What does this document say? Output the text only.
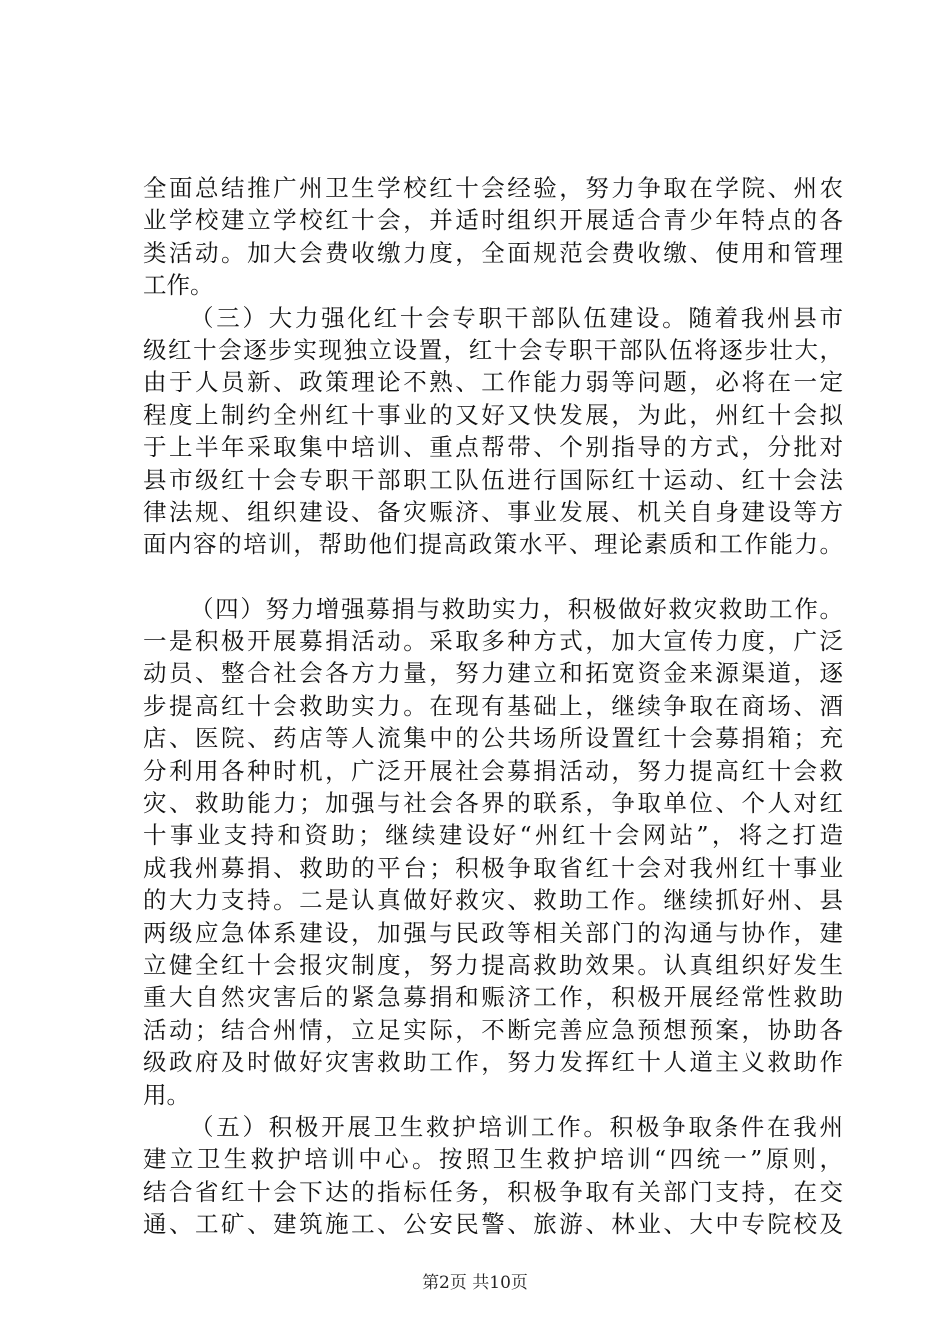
全面总结推广州卫生学校红十会经验，努力争取在学院、州农
业学校建立学校红十会，并适时组织开展适合青少年特点的各
类活动。加大会费收缴力度，全面规范会费收缴、使用和管理
工作。
（三）大力强化红十会专职干部队伍建设。随着我州县市
级红十会逐步实现独立设置，红十会专职干部队伍将逐步壮大，
由于人员新、政策理论不熟、工作能力弱等问题，必将在一定
程度上制约全州红十事业的又好又快发展，为此，州红十会拟
于上半年采取集中培训、重点帮带、个别指导的方式，分批对
县市级红十会专职干部职工队伍进行国际红十运动、红十会法
律法规、组织建设、备灾赈济、事业发展、机关自身建设等方
面内容的培训，帮助他们提高政策水平、理论素质和工作能力。
（四）努力增强募捐与救助实力，积极做好救灾救助工作。
一是积极开展募捐活动。采取多种方式，加大宣传力度，广泛
动员、整合社会各方力量，努力建立和拓宽资金来源渠道，逐
步提高红十会救助实力。在现有基础上，继续争取在商场、酒
店、医院、药店等人流集中的公共场所设置红十会募捐箱；充
分利用各种时机，广泛开展社会募捐活动，努力提高红十会救
灾、救助能力；加强与社会各界的联系，争取单位、个人对红
十事业支持和资助；继续建设好“州红十会网站”，将之打造
成我州募捐、救助的平台；积极争取省红十会对我州红十事业
的大力支持。二是认真做好救灾、救助工作。继续抓好州、县
两级应急体系建设，加强与民政等相关部门的沟通与协作，建
立健全红十会报灾制度，努力提高救助效果。认真组织好发生
重大自然灾害后的紧急募捐和赈济工作，积极开展经常性救助
活动；结合州情，立足实际，不断完善应急预想预案，协助各
级政府及时做好灾害救助工作，努力发挥红十人道主义救助作
用。
（五）积极开展卫生救护培训工作。积极争取条件在我州
建立卫生救护培训中心。按照卫生救护培训“四统一”原则，
结合省红十会下达的指标任务，积极争取有关部门支持，在交
通、工矿、建筑施工、公安民警、旅游、林业、大中专院校及
第2页 共10页
